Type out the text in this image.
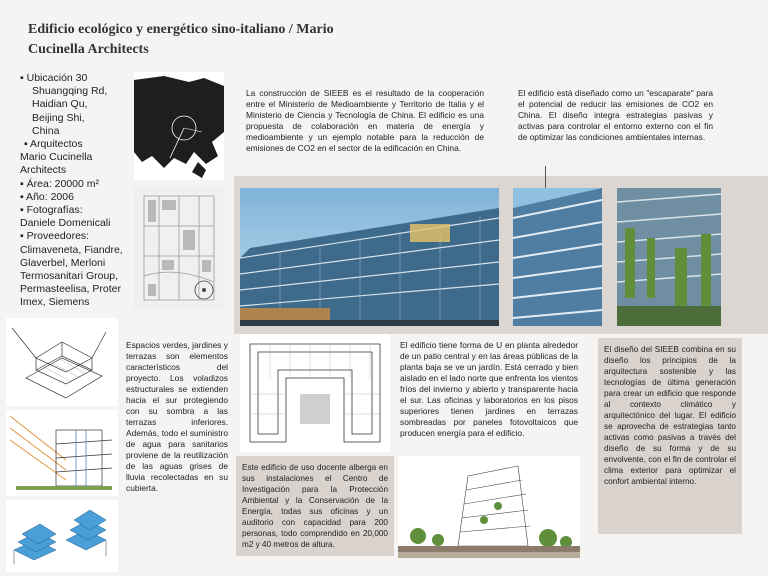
Edificio ecológico y energético sino-italiano / Mario Cucinella Architects

▪ Ubicación 30

Shuangqing Rd,

Haidian Qu,

Beijing Shi,

China

▪ Arquitectos

Mario Cucinella

Architects

▪ Área: 20000 m²

▪ Año: 2006

▪ Fotografías:

Daniele Domenicali

▪ Proveedores:

Climaveneta, Fiandre,

Glaverbel, Merloni

Termosanitari Group,

Permasteelisa, Proter

Imex, Siemens

La construcción de SIEEB es el resultado de la cooperación entre el Ministerio de Medioambiente y Territorio de Italia y el Ministerio de Ciencia y Tecnología de China. El edificio es una propuesta de colaboración en materia de energía y medioambiente y un ejemplo notable para la reducción de emisiones de CO2 en el sector de la edificación en China.
El edificio está diseñado como un "escaparate" para el potencial de reducir las emisiones de CO2 en China. El diseño integra estrategias pasivas y activas para controlar el entorno externo con el fin de optimizar las condiciones ambientales internas.
Espacios verdes, jardines y terrazas son elementos característicos del proyecto. Los voladizos estructurales se extienden hacia el sur protegiendo con su sombra a las terrazas inferiores. Además, todo el suministro de agua para sanitarios proviene de la reutilización de las aguas grises de lluvia recolectadas en su cubierta.
El edificio tiene forma de U en planta alrededor de un patio central y en las áreas públicas de la planta baja se ve un jardín. Está cerrado y bien aislado en el lado norte que enfrenta los vientos fríos del invierno y abierto y transparente hacia el sur. Las oficinas y laboratorios en los pisos superiores tienen jardines en terrazas sombreadas por paneles fotovoltaicos que producen energía para el edificio.
Este edificio de uso docente alberga en sus instalaciones el Centro de Investigación para la Protección Ambiental y la Conservación de la Energía, todas sus oficinas y un auditorio con capacidad para 200 personas, todo comprendido en 20,000 m2 y 40 metros de altura.
El diseño del SIEEB combina en su diseño los principios de la arquitectura sostenible y las tecnologías de última generación para crear un edificio que responde al contexto climático y arquitectónico del lugar. El edificio se aprovecha de estrategias tanto activas como pasivas a través del diseño de su forma y de su envolvente, con el fin de controlar el clima exterior para optimizar el confort ambiental interno.
